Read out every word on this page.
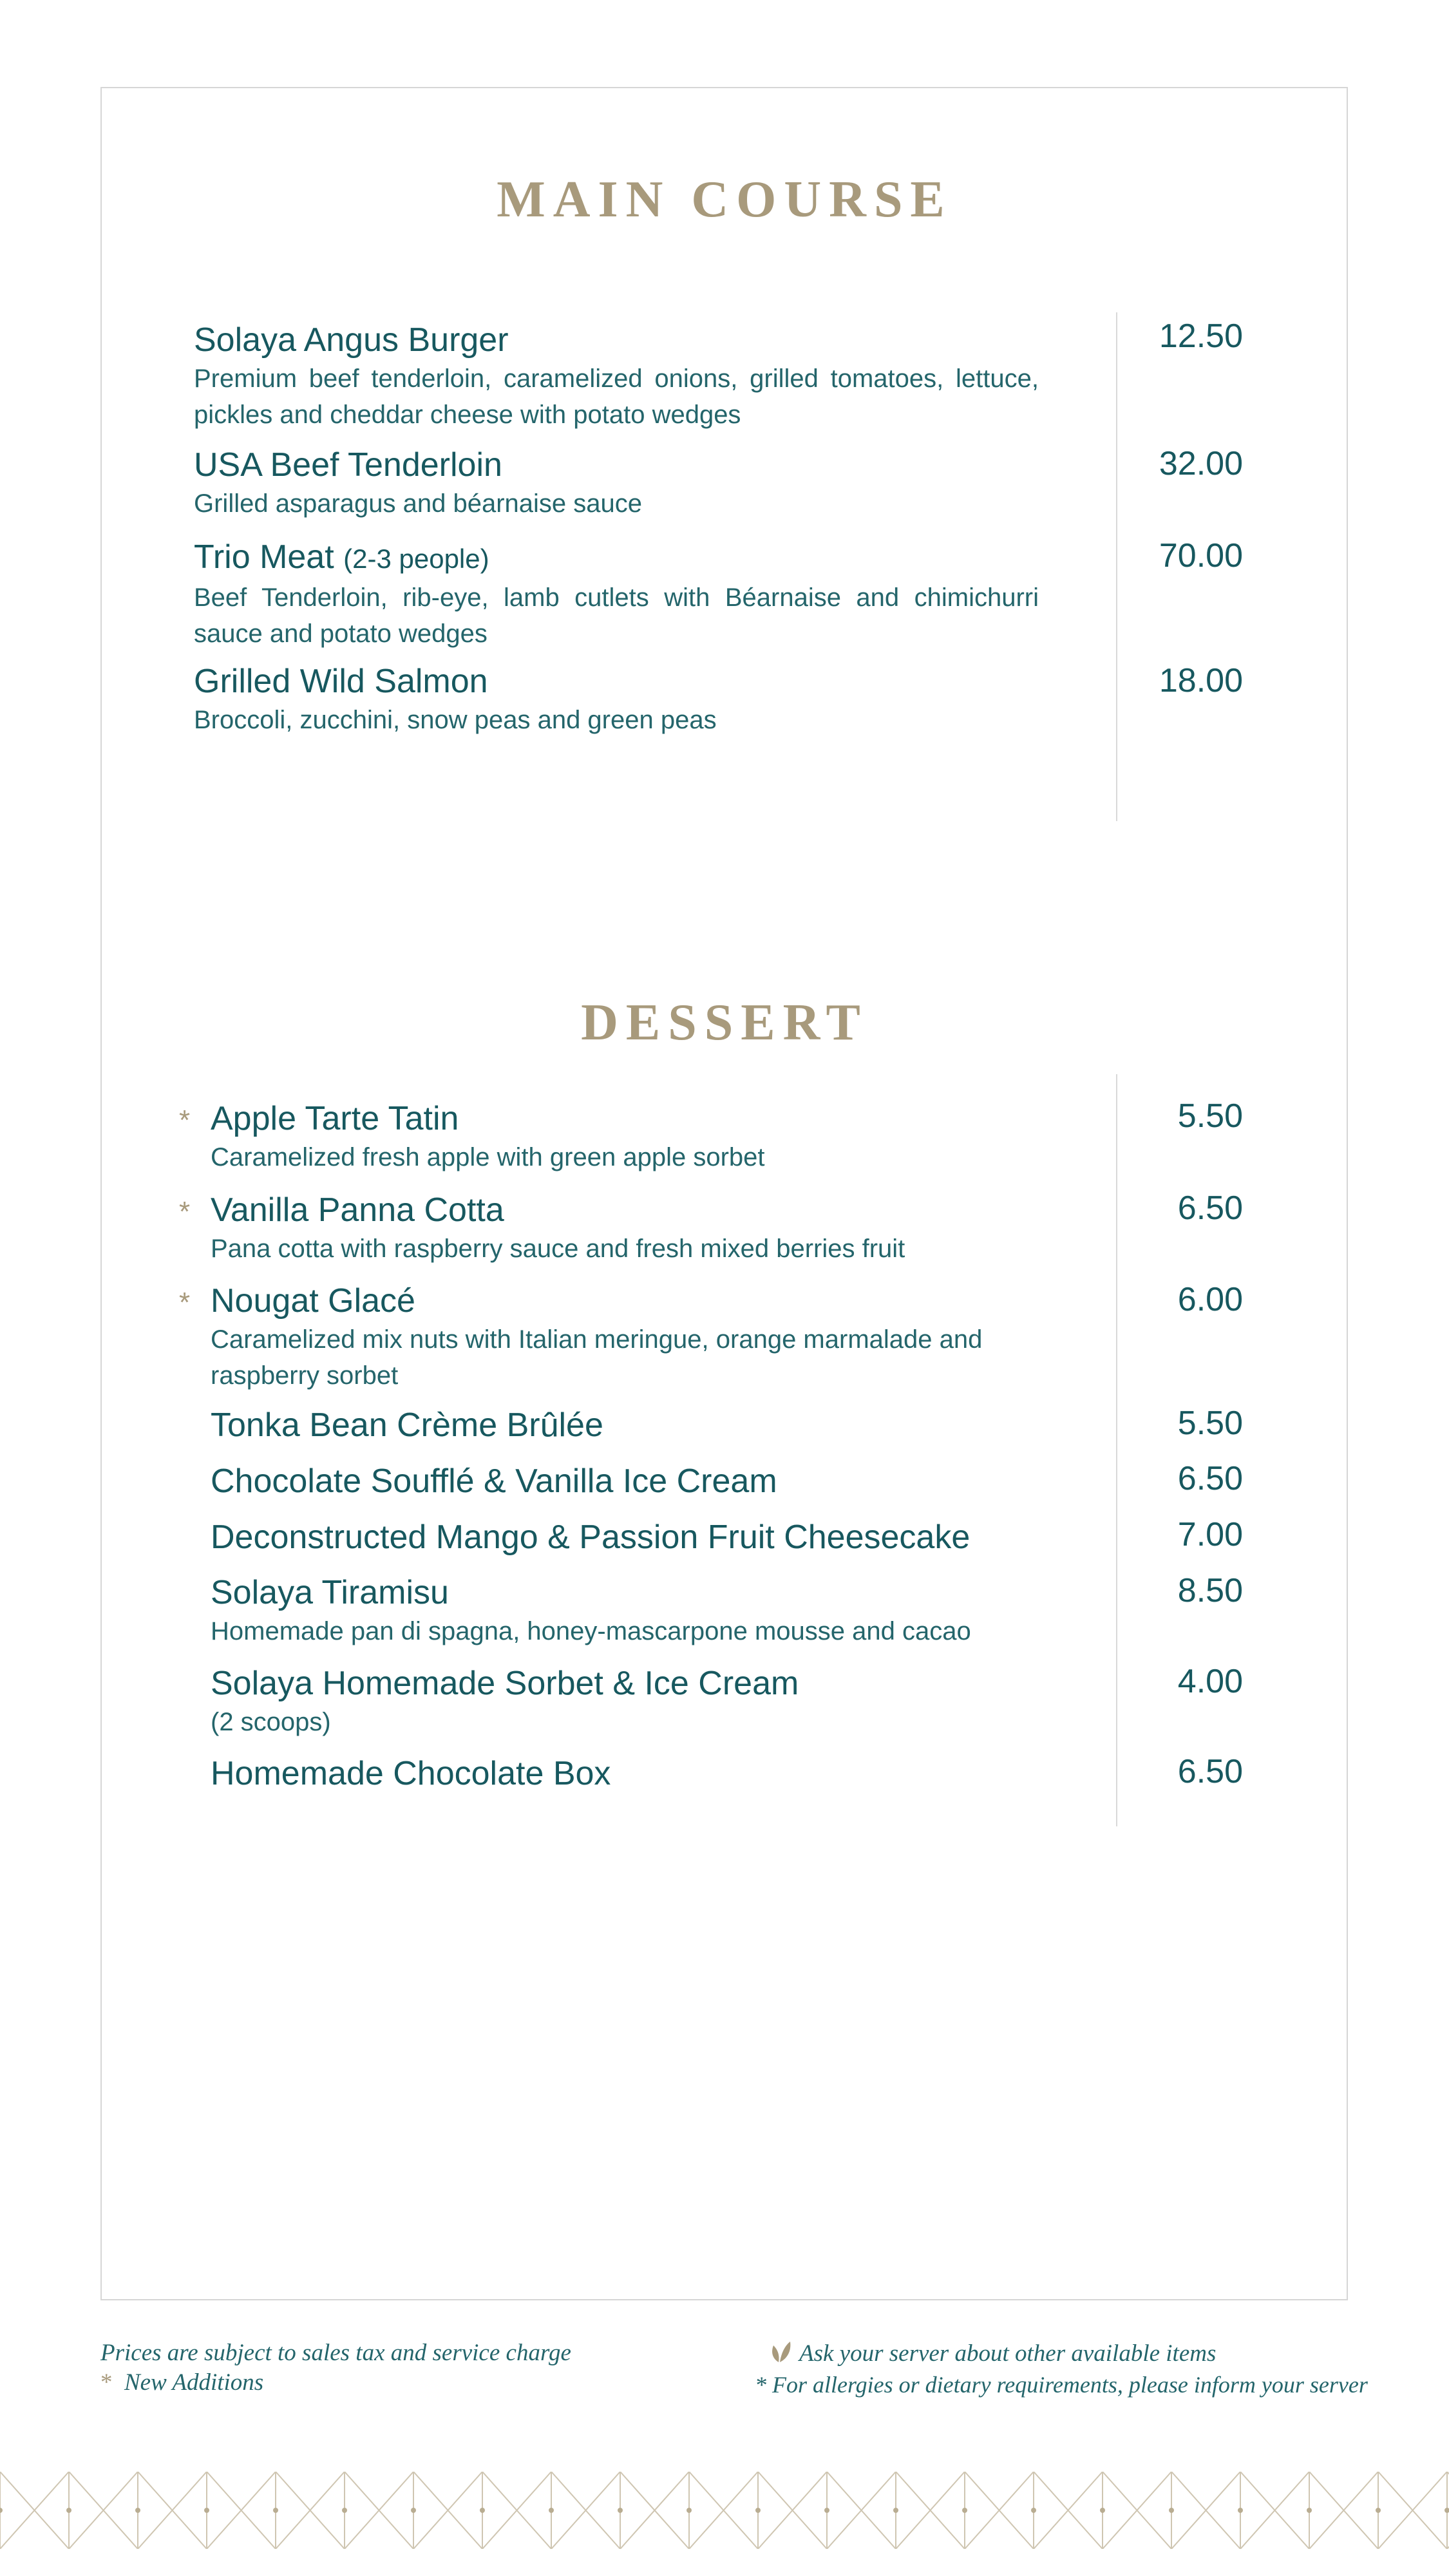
MAIN COURSE
Solaya Angus Burger
Premium beef tenderloin, caramelized onions, grilled tomatoes, lettuce, pickles and cheddar cheese with potato wedges
12.50
USA Beef Tenderloin
Grilled asparagus and béarnaise sauce
32.00
Trio Meat (2-3 people)
Beef Tenderloin, rib-eye, lamb cutlets with Béarnaise and chimichurri sauce and potato wedges
70.00
Grilled Wild Salmon
Broccoli, zucchini, snow peas and green peas
18.00
DESSERT
* Apple Tarte Tatin
Caramelized fresh apple with green apple sorbet
5.50
* Vanilla Panna Cotta
Pana cotta with raspberry sauce and fresh mixed berries fruit
6.50
* Nougat Glacé
Caramelized mix nuts with Italian meringue, orange marmalade and raspberry sorbet
6.00
Tonka Bean Crème Brûlée	5.50
Chocolate Soufflé & Vanilla Ice Cream	6.50
Deconstructed Mango & Passion Fruit Cheesecake	7.00
Solaya Tiramisu
Homemade pan di spagna, honey-mascarpone mousse and cacao
8.50
Solaya Homemade Sorbet & Ice Cream
(2 scoops)
4.00
Homemade Chocolate Box	6.50
Prices are subject to sales tax and service charge
* New Additions
Ask your server about other available items
* For allergies or dietary requirements, please inform your server
